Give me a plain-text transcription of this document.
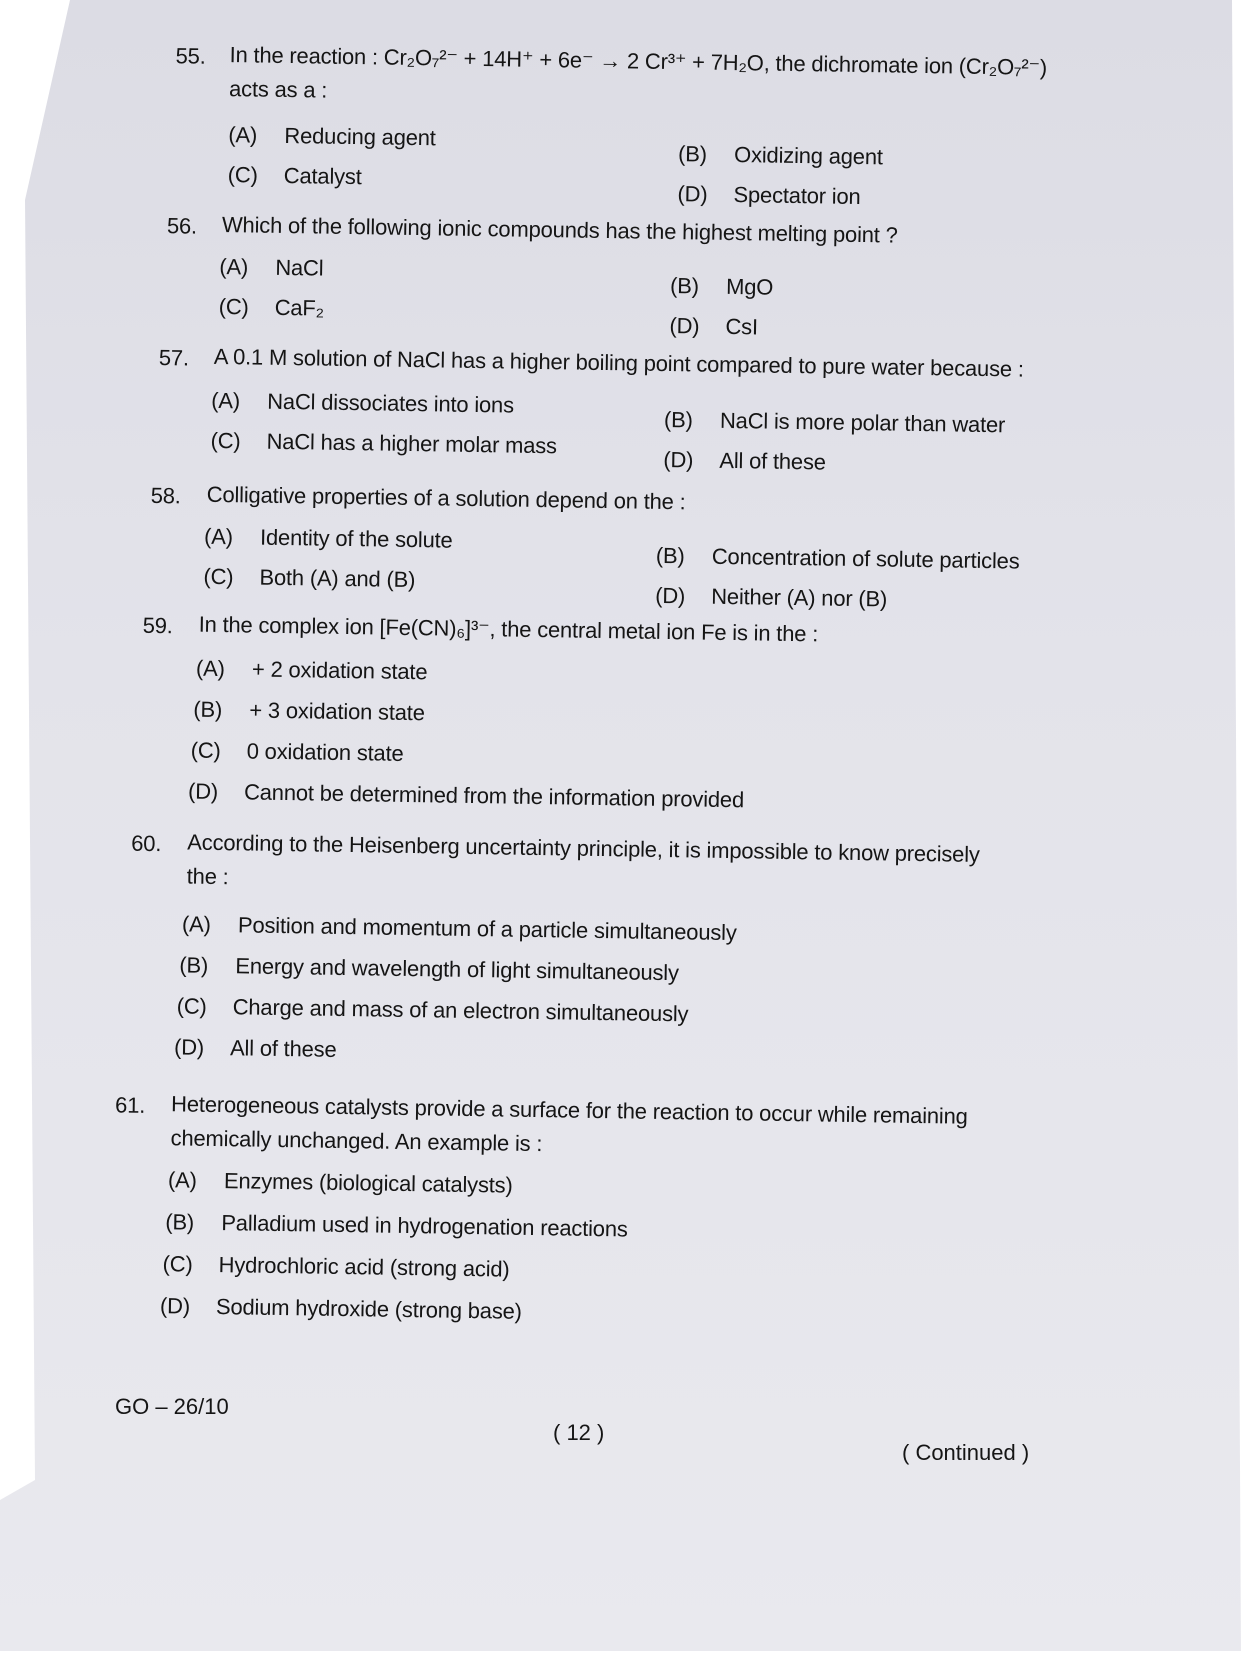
55. In the reaction : Cr₂O₇²⁻ + 14H⁺ + 6e⁻ → 2 Cr³⁺ + 7H₂O, the dichromate ion (Cr₂O₇²⁻)
acts as a :
(A) Reducing agent
(B) Oxidizing agent
(C) Catalyst
(D) Spectator ion
56. Which of the following ionic compounds has the highest melting point ?
(A) NaCl
(B) MgO
(C) CaF₂
(D) CsI
57. A 0.1 M solution of NaCl has a higher boiling point compared to pure water because :
(A) NaCl dissociates into ions
(B) NaCl is more polar than water
(C) NaCl has a higher molar mass
(D) All of these
58. Colligative properties of a solution depend on the :
(A) Identity of the solute
(B) Concentration of solute particles
(C) Both (A) and (B)
(D) Neither (A) nor (B)
59. In the complex ion [Fe(CN)₆]³⁻, the central metal ion Fe is in the :
(A) + 2 oxidation state
(B) + 3 oxidation state
(C) 0 oxidation state
(D) Cannot be determined from the information provided
60. According to the Heisenberg uncertainty principle, it is impossible to know precisely
the :
(A) Position and momentum of a particle simultaneously
(B) Energy and wavelength of light simultaneously
(C) Charge and mass of an electron simultaneously
(D) All of these
61. Heterogeneous catalysts provide a surface for the reaction to occur while remaining
chemically unchanged. An example is :
(A) Enzymes (biological catalysts)
(B) Palladium used in hydrogenation reactions
(C) Hydrochloric acid (strong acid)
(D) Sodium hydroxide (strong base)
GO – 26/10
( 12 )
( Continued )
